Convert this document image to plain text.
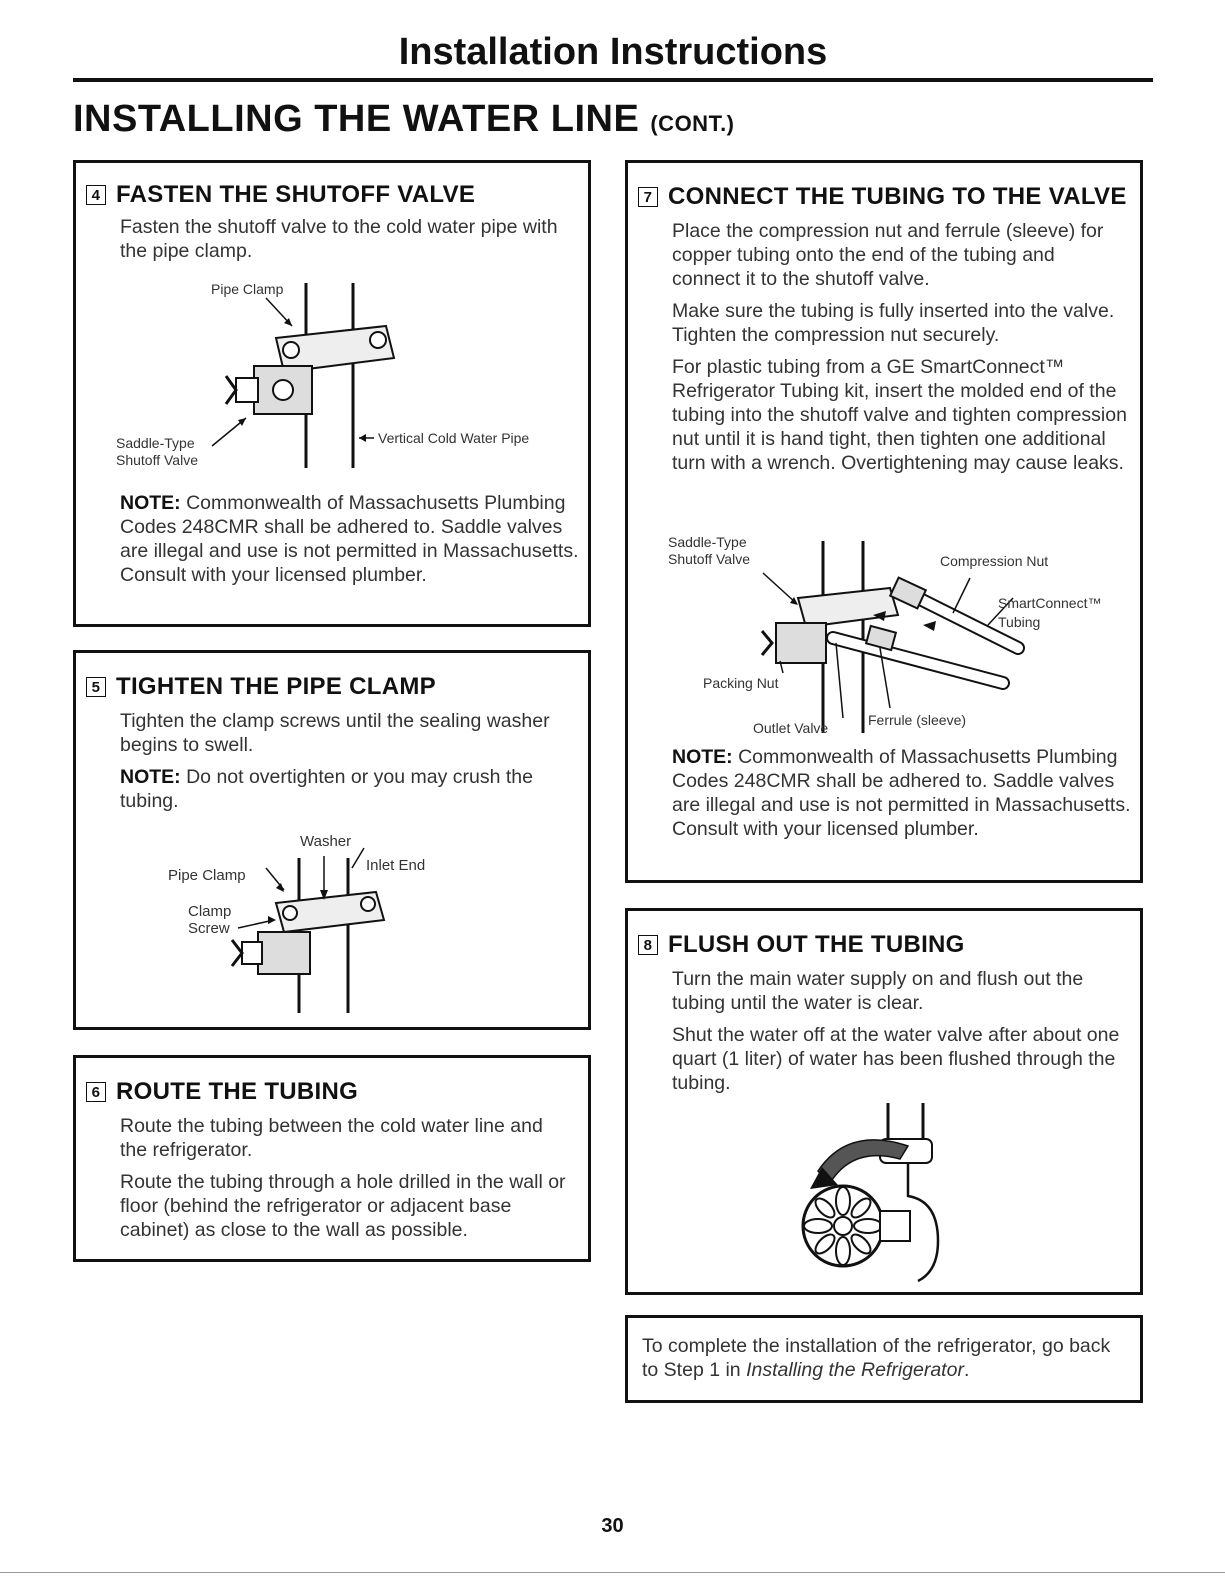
Installation Instructions
INSTALLING THE WATER LINE (CONT.)
4 FASTEN THE SHUTOFF VALVE

Fasten the shutoff valve to the cold water pipe with the pipe clamp.

Pipe Clamp
Saddle-Type
Shutoff Valve
Vertical Cold Water Pipe

NOTE: Commonwealth of Massachusetts Plumbing Codes 248CMR shall be adhered to. Saddle valves are illegal and use is not permitted in Massachusetts. Consult with your licensed plumber.

5 TIGHTEN THE PIPE CLAMP

Tighten the clamp screws until the sealing washer begins to swell.

NOTE: Do not overtighten or you may crush the tubing.

Washer
Inlet End
Pipe Clamp
Clamp
Screw
6 ROUTE THE TUBING

Route the tubing between the cold water line and the refrigerator.

Route the tubing through a hole drilled in the wall or floor (behind the refrigerator or adjacent base cabinet) as close to the wall as possible.

7 CONNECT THE TUBING TO THE VALVE

Place the compression nut and ferrule (sleeve) for copper tubing onto the end of the tubing and connect it to the shutoff valve.

Make sure the tubing is fully inserted into the valve. Tighten the compression nut securely.

For plastic tubing from a GE SmartConnect™ Refrigerator Tubing kit, insert the molded end of the tubing into the shutoff valve and tighten compression nut until it is hand tight, then tighten one additional turn with a wrench. Overtightening may cause leaks.

Saddle-Type
Shutoff Valve	Compression Nut
SmartConnect™
Tubing
Packing Nut
Outlet Valve	Ferrule (sleeve)

NOTE: Commonwealth of Massachusetts Plumbing Codes 248CMR shall be adhered to. Saddle valves are illegal and use is not permitted in Massachusetts. Consult with your licensed plumber.

8 FLUSH OUT THE TUBING

Turn the main water supply on and flush out the tubing until the water is clear.

Shut the water off at the water valve after about one quart (1 liter) of water has been flushed through the tubing.

To complete the installation of the refrigerator, go back to Step 1 in Installing the Refrigerator.

30
